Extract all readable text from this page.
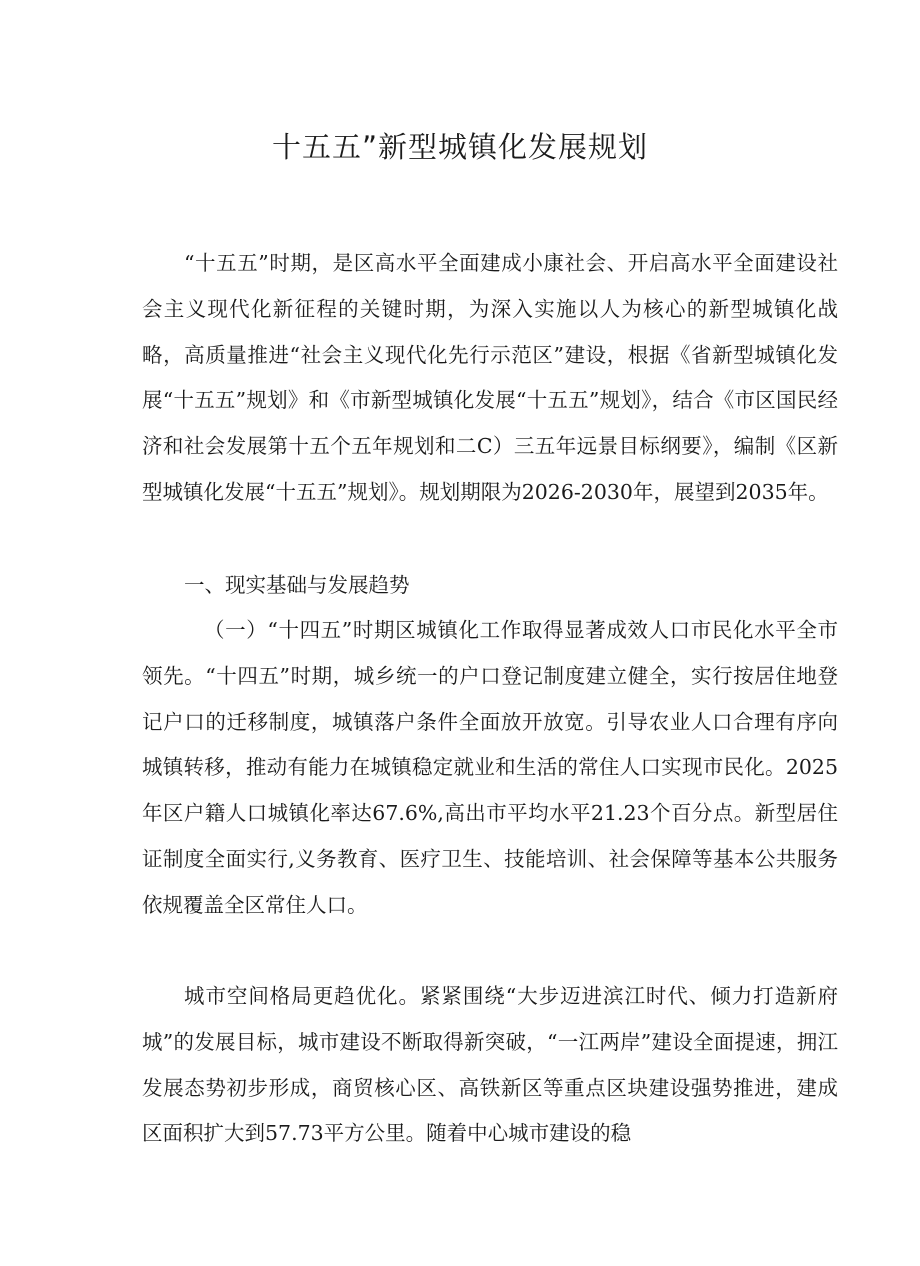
十五五”新型城镇化发展规划

“十五五”时期，是区高水平全面建成小康社会、开启高水平全面建设社会主义现代化新征程的关键时期，为深入实施以人为核心的新型城镇化战略，高质量推进“社会主义现代化先行示范区”建设，根据《省新型城镇化发展“十五五”规划》和《市新型城镇化发展“十五五”规划》，结合《市区国民经济和社会发展第十五个五年规划和二C）三五年远景目标纲要》，编制《区新型城镇化发展“十五五”规划》。规划期限为2026-2030年，展望到2035年。

一、现实基础与发展趋势

（一）“十四五”时期区城镇化工作取得显著成效人口市民化水平全市领先。“十四五”时期，城乡统一的户口登记制度建立健全，实行按居住地登记户口的迁移制度，城镇落户条件全面放开放宽。引导农业人口合理有序向城镇转移，推动有能力在城镇稳定就业和生活的常住人口实现市民化。2025年区户籍人口城镇化率达67.6%,高出市平均水平21.23个百分点。新型居住证制度全面实行,义务教育、医疗卫生、技能培训、社会保障等基本公共服务依规覆盖全区常住人口。

城市空间格局更趋优化。紧紧围绕“大步迈进滨江时代、倾力打造新府城”的发展目标，城市建设不断取得新突破，“一江两岸”建设全面提速，拥江发展态势初步形成，商贸核心区、高铁新区等重点区块建设强势推进，建成区面积扩大到57.73平方公里。随着中心城市建设的稳
